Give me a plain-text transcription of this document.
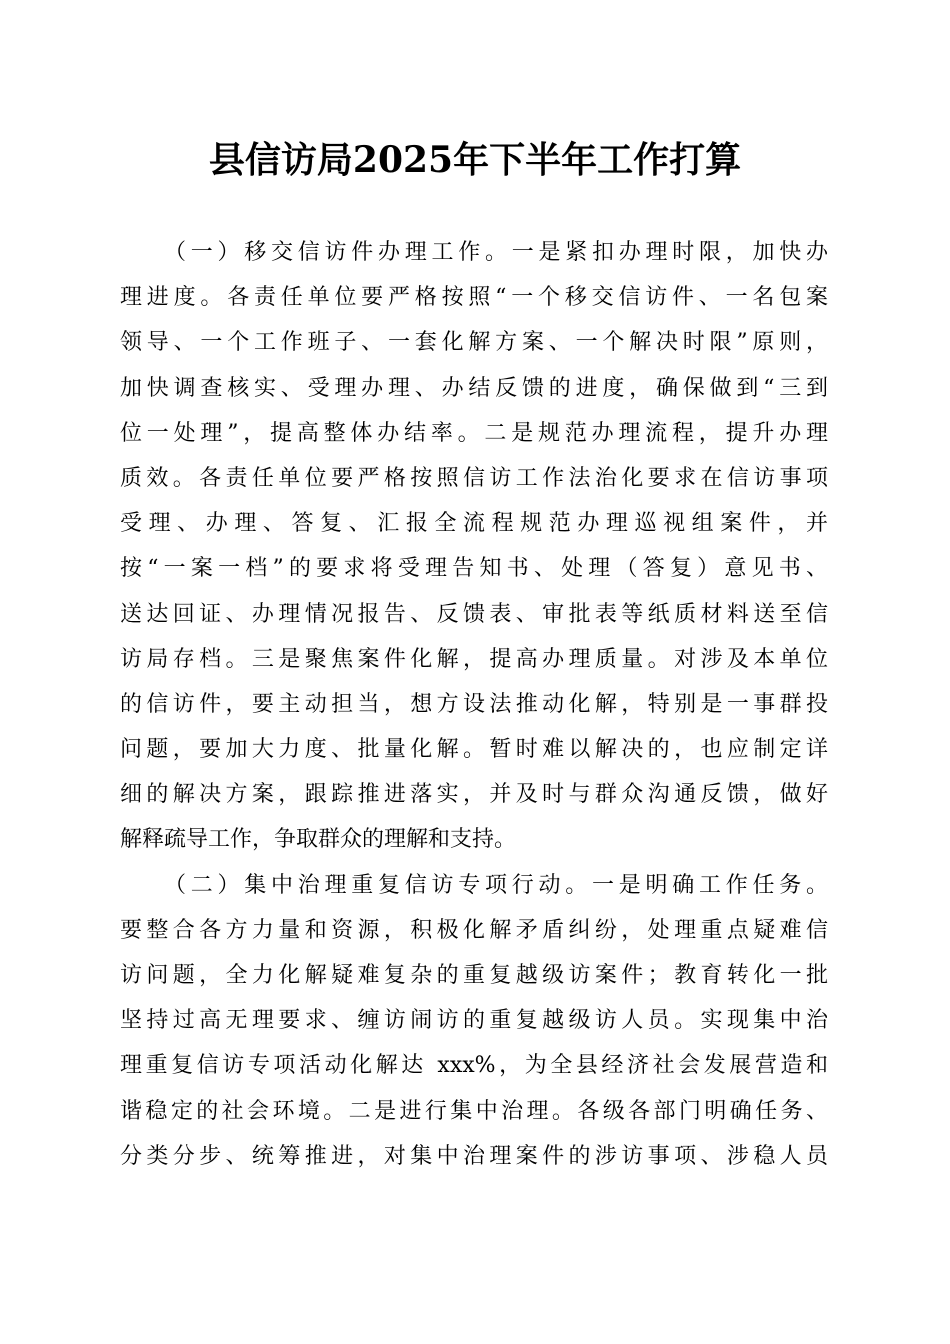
县信访局2025年下半年工作打算
（一）移交信访件办理工作。一是紧扣办理时限，加快办
理进度。各责任单位要严格按照“一个移交信访件、一名包案
领导、一个工作班子、一套化解方案、一个解决时限”原则，
加快调查核实、受理办理、办结反馈的进度，确保做到“三到
位一处理”，提高整体办结率。二是规范办理流程，提升办理
质效。各责任单位要严格按照信访工作法治化要求在信访事项
受理、办理、答复、汇报全流程规范办理巡视组案件，并
按“一案一档”的要求将受理告知书、处理（答复）意见书、
送达回证、办理情况报告、反馈表、审批表等纸质材料送至信
访局存档。三是聚焦案件化解，提高办理质量。对涉及本单位
的信访件，要主动担当，想方设法推动化解，特别是一事群投
问题，要加大力度、批量化解。暂时难以解决的，也应制定详
细的解决方案，跟踪推进落实，并及时与群众沟通反馈，做好
解释疏导工作，争取群众的理解和支持。
（二）集中治理重复信访专项行动。一是明确工作任务。
要整合各方力量和资源，积极化解矛盾纠纷，处理重点疑难信
访问题，全力化解疑难复杂的重复越级访案件；教育转化一批
坚持过高无理要求、缠访闹访的重复越级访人员。实现集中治
理重复信访专项活动化解达 xxx%，为全县经济社会发展营造和
谐稳定的社会环境。二是进行集中治理。各级各部门明确任务、
分类分步、统筹推进，对集中治理案件的涉访事项、涉稳人员
